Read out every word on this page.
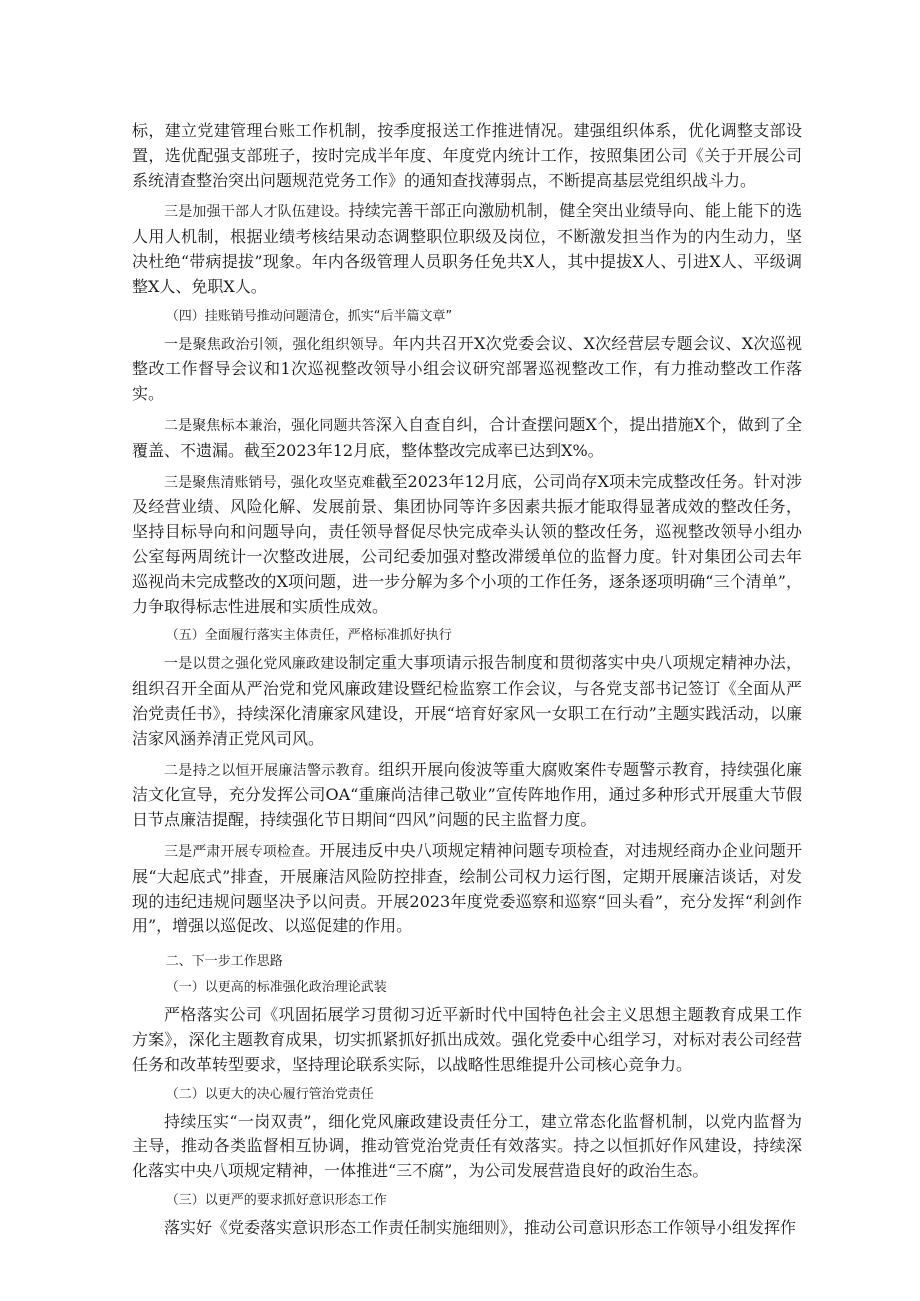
标，建立党建管理台账工作机制，按季度报送工作推进情况。建强组织体系，优化调整支部设置，选优配强支部班子，按时完成半年度、年度党内统计工作，按照集团公司《关于开展公司系统清查整治突出问题规范党务工作》的通知查找薄弱点，不断提高基层党组织战斗力。

三是加强干部人才队伍建设。持续完善干部正向激励机制，健全突出业绩导向、能上能下的选人用人机制，根据业绩考核结果动态调整职位职级及岗位，不断激发担当作为的内生动力，坚决杜绝“带病提拔”现象。年内各级管理人员职务任免共X人，其中提拔X人、引进X人、平级调整X人、免职X人。

（四）挂账销号推动问题清仓，抓实“后半篇文章”

一是聚焦政治引领，强化组织领导。年内共召开X次党委会议、X次经营层专题会议、X次巡视整改工作督导会议和1次巡视整改领导小组会议研究部署巡视整改工作，有力推动整改工作落实。

二是聚焦标本兼治，强化同题共答深入自查自纠，合计查摆问题X个，提出措施X个，做到了全覆盖、不遗漏。截至2023年12月底，整体整改完成率已达到X%。

三是聚焦清账销号，强化攻坚克难截至2023年12月底，公司尚存X项未完成整改任务。针对涉及经营业绩、风险化解、发展前景、集团协同等许多因素共振才能取得显著成效的整改任务，坚持目标导向和问题导向，责任领导督促尽快完成牵头认领的整改任务，巡视整改领导小组办公室每两周统计一次整改进展，公司纪委加强对整改滞缓单位的监督力度。针对集团公司去年巡视尚未完成整改的X项问题，进一步分解为多个小项的工作任务，逐条逐项明确“三个清单”，力争取得标志性进展和实质性成效。

（五）全面履行落实主体责任，严格标准抓好执行

一是以贯之强化党风廉政建设制定重大事项请示报告制度和贯彻落实中央八项规定精神办法，组织召开全面从严治党和党风廉政建设暨纪检监察工作会议，与各党支部书记签订《全面从严治党责任书》，持续深化清廉家风建设，开展“培育好家风一女职工在行动”主题实践活动，以廉洁家风涵养清正党风司风。

二是持之以恒开展廉洁警示教育。组织开展向俊波等重大腐败案件专题警示教育，持续强化廉洁文化宣导，充分发挥公司OA“重廉尚洁律己敬业”宣传阵地作用，通过多种形式开展重大节假日节点廉洁提醒，持续强化节日期间“四风”问题的民主监督力度。

三是严肃开展专项检查。开展违反中央八项规定精神问题专项检查，对违规经商办企业问题开展“大起底式”排查，开展廉洁风险防控排查，绘制公司权力运行图，定期开展廉洁谈话，对发现的违纪违规问题坚决予以问责。开展2023年度党委巡察和巡察“回头看”，充分发挥“利剑作用”，增强以巡促改、以巡促建的作用。

二、下一步工作思路

（一）以更高的标准强化政治理论武装

严格落实公司《巩固拓展学习贯彻习近平新时代中国特色社会主义思想主题教育成果工作方案》，深化主题教育成果，切实抓紧抓好抓出成效。强化党委中心组学习，对标对表公司经营任务和改革转型要求，坚持理论联系实际，以战略性思维提升公司核心竞争力。

（二）以更大的决心履行管治党责任

持续压实“一岗双责”，细化党风廉政建设责任分工，建立常态化监督机制，以党内监督为主导，推动各类监督相互协调，推动管党治党责任有效落实。持之以恒抓好作风建设，持续深化落实中央八项规定精神，一体推进“三不腐”，为公司发展营造良好的政治生态。

（三）以更严的要求抓好意识形态工作

落实好《党委落实意识形态工作责任制实施细则》，推动公司意识形态工作领导小组发挥作
